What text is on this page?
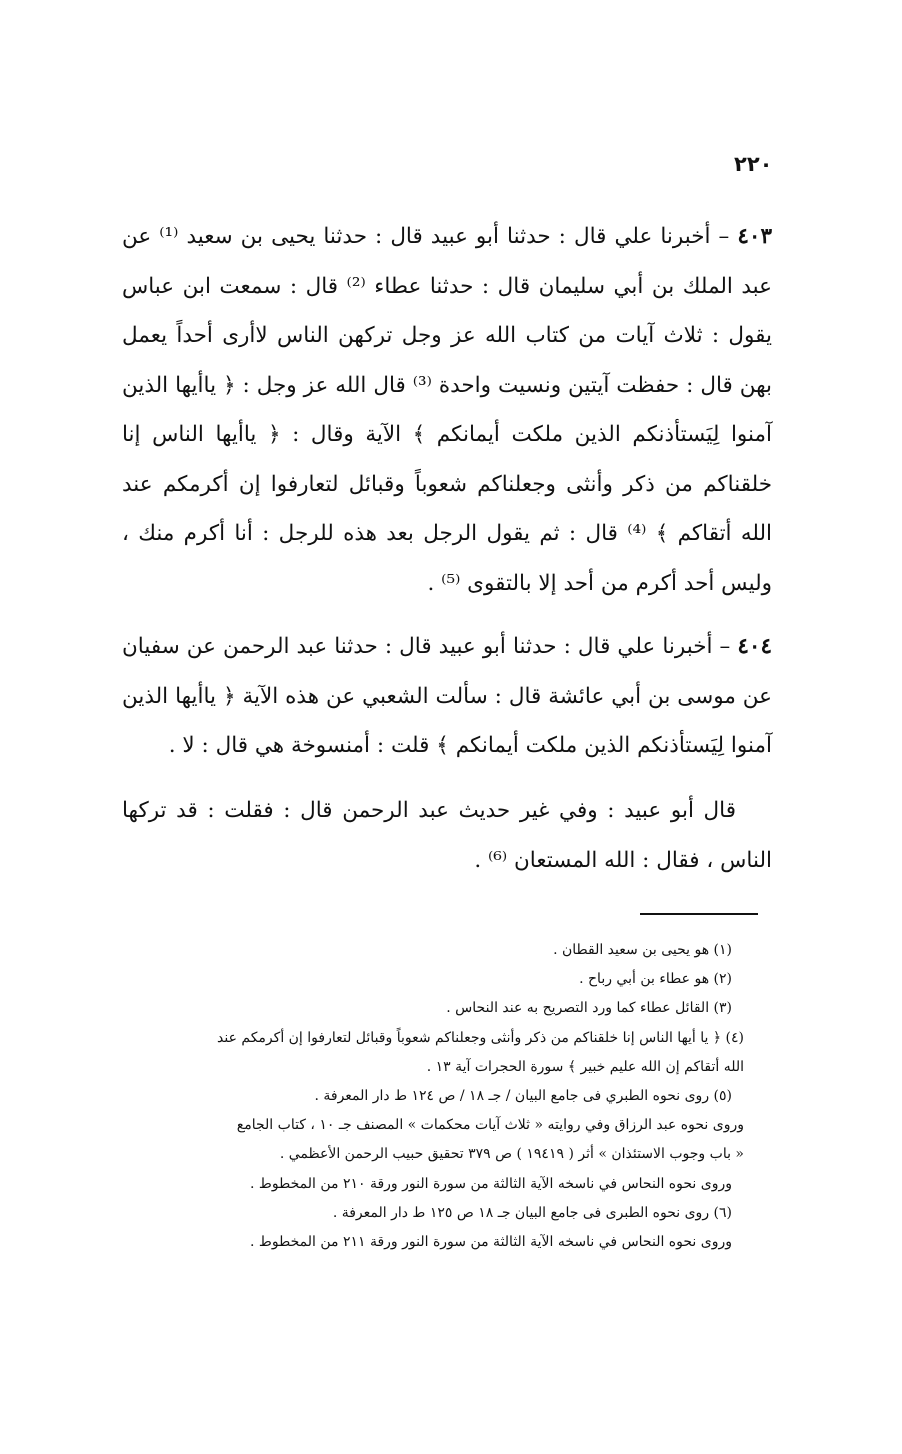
٢٢٠

٤٠٣ – أخبرنا علي قال : حدثنا أبو عبيد قال : حدثنا يحيى بن سعيد ⁽¹⁾ عن عبد الملك بن أبي سليمان قال : حدثنا عطاء ⁽²⁾ قال : سمعت ابن عباس يقول : ثلاث آيات من كتاب الله عز وجل تركهن الناس لاأرى أحداً يعمل بهن قال : حفظت آيتين ونسيت واحدة ⁽³⁾ قال الله عز وجل : ﴿ ياأيها الذين آمنوا لِيَستأذنكم الذين ملكت أيمانكم ﴾ الآية وقال : ﴿ ياأيها الناس إنا خلقناكم من ذكر وأنثى وجعلناكم شعوباً وقبائل لتعارفوا إن أكرمكم عند الله أتقاكم ﴾ ⁽⁴⁾ قال : ثم يقول الرجل بعد هذه للرجل : أنا أكرم منك ، وليس أحد أكرم من أحد إلا بالتقوى ⁽⁵⁾ .

٤٠٤ – أخبرنا علي قال : حدثنا أبو عبيد قال : حدثنا عبد الرحمن عن سفيان عن موسى بن أبي عائشة قال : سألت الشعبي عن هذه الآية ﴿ ياأيها الذين آمنوا لِيَستأذنكم الذين ملكت أيمانكم ﴾ قلت : أمنسوخة هي قال : لا .

قال أبو عبيد : وفي غير حديث عبد الرحمن قال : فقلت : قد تركها الناس ، فقال : الله المستعان ⁽⁶⁾ .

(١) هو يحيى بن سعيد القطان .

(٢) هو عطاء بن أبي رباح .

(٣) القائل عطاء كما ورد التصريح به عند النحاس .

(٤) ﴿ يا أيها الناس إنا خلقناكم من ذكر وأنثى وجعلناكم شعوباً وقبائل لتعارفوا إن أكرمكم عند

الله أتقاكم إن الله عليم خبير ﴾ سورة الحجرات آية ١٣ .

(٥) روى نحوه الطبري فى جامع البيان / جـ ١٨ / ص ١٢٤ ط دار المعرفة .

وروى نحوه عبد الرزاق وفي روايته « ثلاث آيات محكمات » المصنف جـ ١٠ ، كتاب الجامع

« باب وجوب الاستئذان » أثر ( ١٩٤١٩ ) ص ٣٧٩ تحقيق حبيب الرحمن الأعظمي .

وروى نحوه النحاس في ناسخه الآية الثالثة من سورة النور ورقة ٢١٠ من المخطوط .

(٦) روى نحوه الطبرى فى جامع البيان جـ ١٨ ص ١٢٥ ط دار المعرفة .

وروى نحوه النحاس في ناسخه الآية الثالثة من سورة النور ورقة ٢١١ من المخطوط .
